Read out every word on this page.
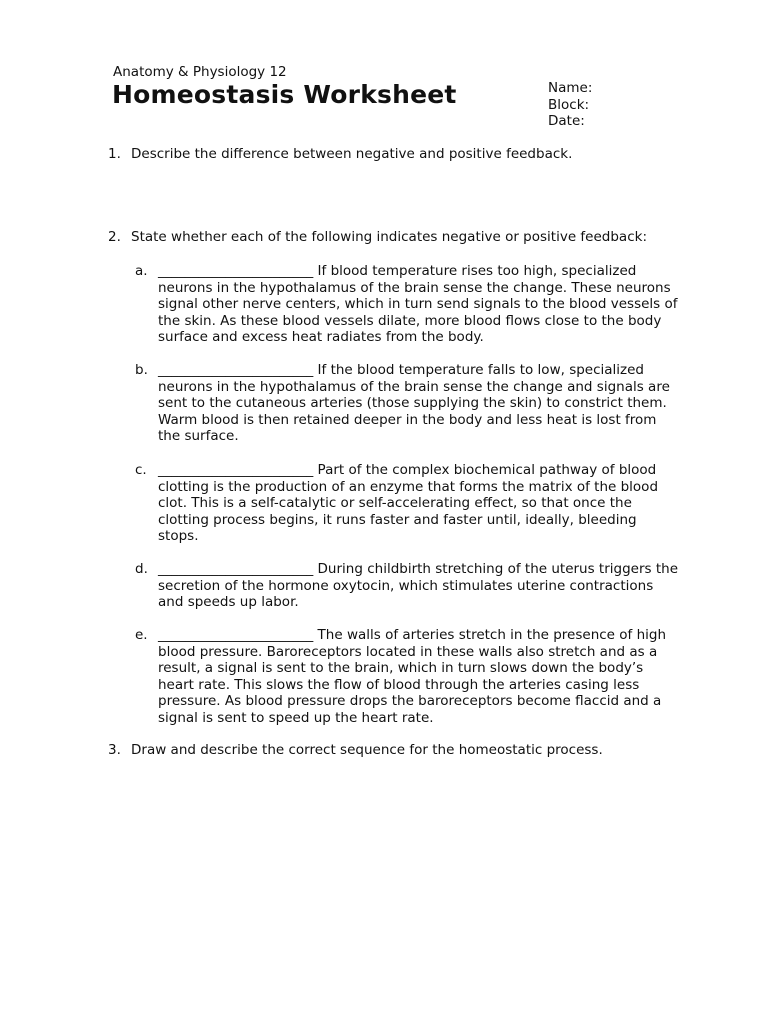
Anatomy & Physiology 12
Homeostasis Worksheet	Name:
Block:
Date:
1. Describe the difference between negative and positive feedback.
2. State whether each of the following indicates negative or positive feedback:
a. _______________________ If blood temperature rises too high, specialized neurons in the hypothalamus of the brain sense the change. These neurons signal other nerve centers, which in turn send signals to the blood vessels of the skin. As these blood vessels dilate, more blood flows close to the body surface and excess heat radiates from the body.
b. _______________________ If the blood temperature falls to low, specialized neurons in the hypothalamus of the brain sense the change and signals are sent to the cutaneous arteries (those supplying the skin) to constrict them. Warm blood is then retained deeper in the body and less heat is lost from the surface.
c. _______________________ Part of the complex biochemical pathway of blood clotting is the production of an enzyme that forms the matrix of the blood clot. This is a self-catalytic or self-accelerating effect, so that once the clotting process begins, it runs faster and faster until, ideally, bleeding stops.
d. _______________________ During childbirth stretching of the uterus triggers the secretion of the hormone oxytocin, which stimulates uterine contractions and speeds up labor.
e. _______________________ The walls of arteries stretch in the presence of high blood pressure. Baroreceptors located in these walls also stretch and as a result, a signal is sent to the brain, which in turn slows down the body’s heart rate. This slows the flow of blood through the arteries casing less pressure. As blood pressure drops the baroreceptors become flaccid and a signal is sent to speed up the heart rate.
3. Draw and describe the correct sequence for the homeostatic process.
